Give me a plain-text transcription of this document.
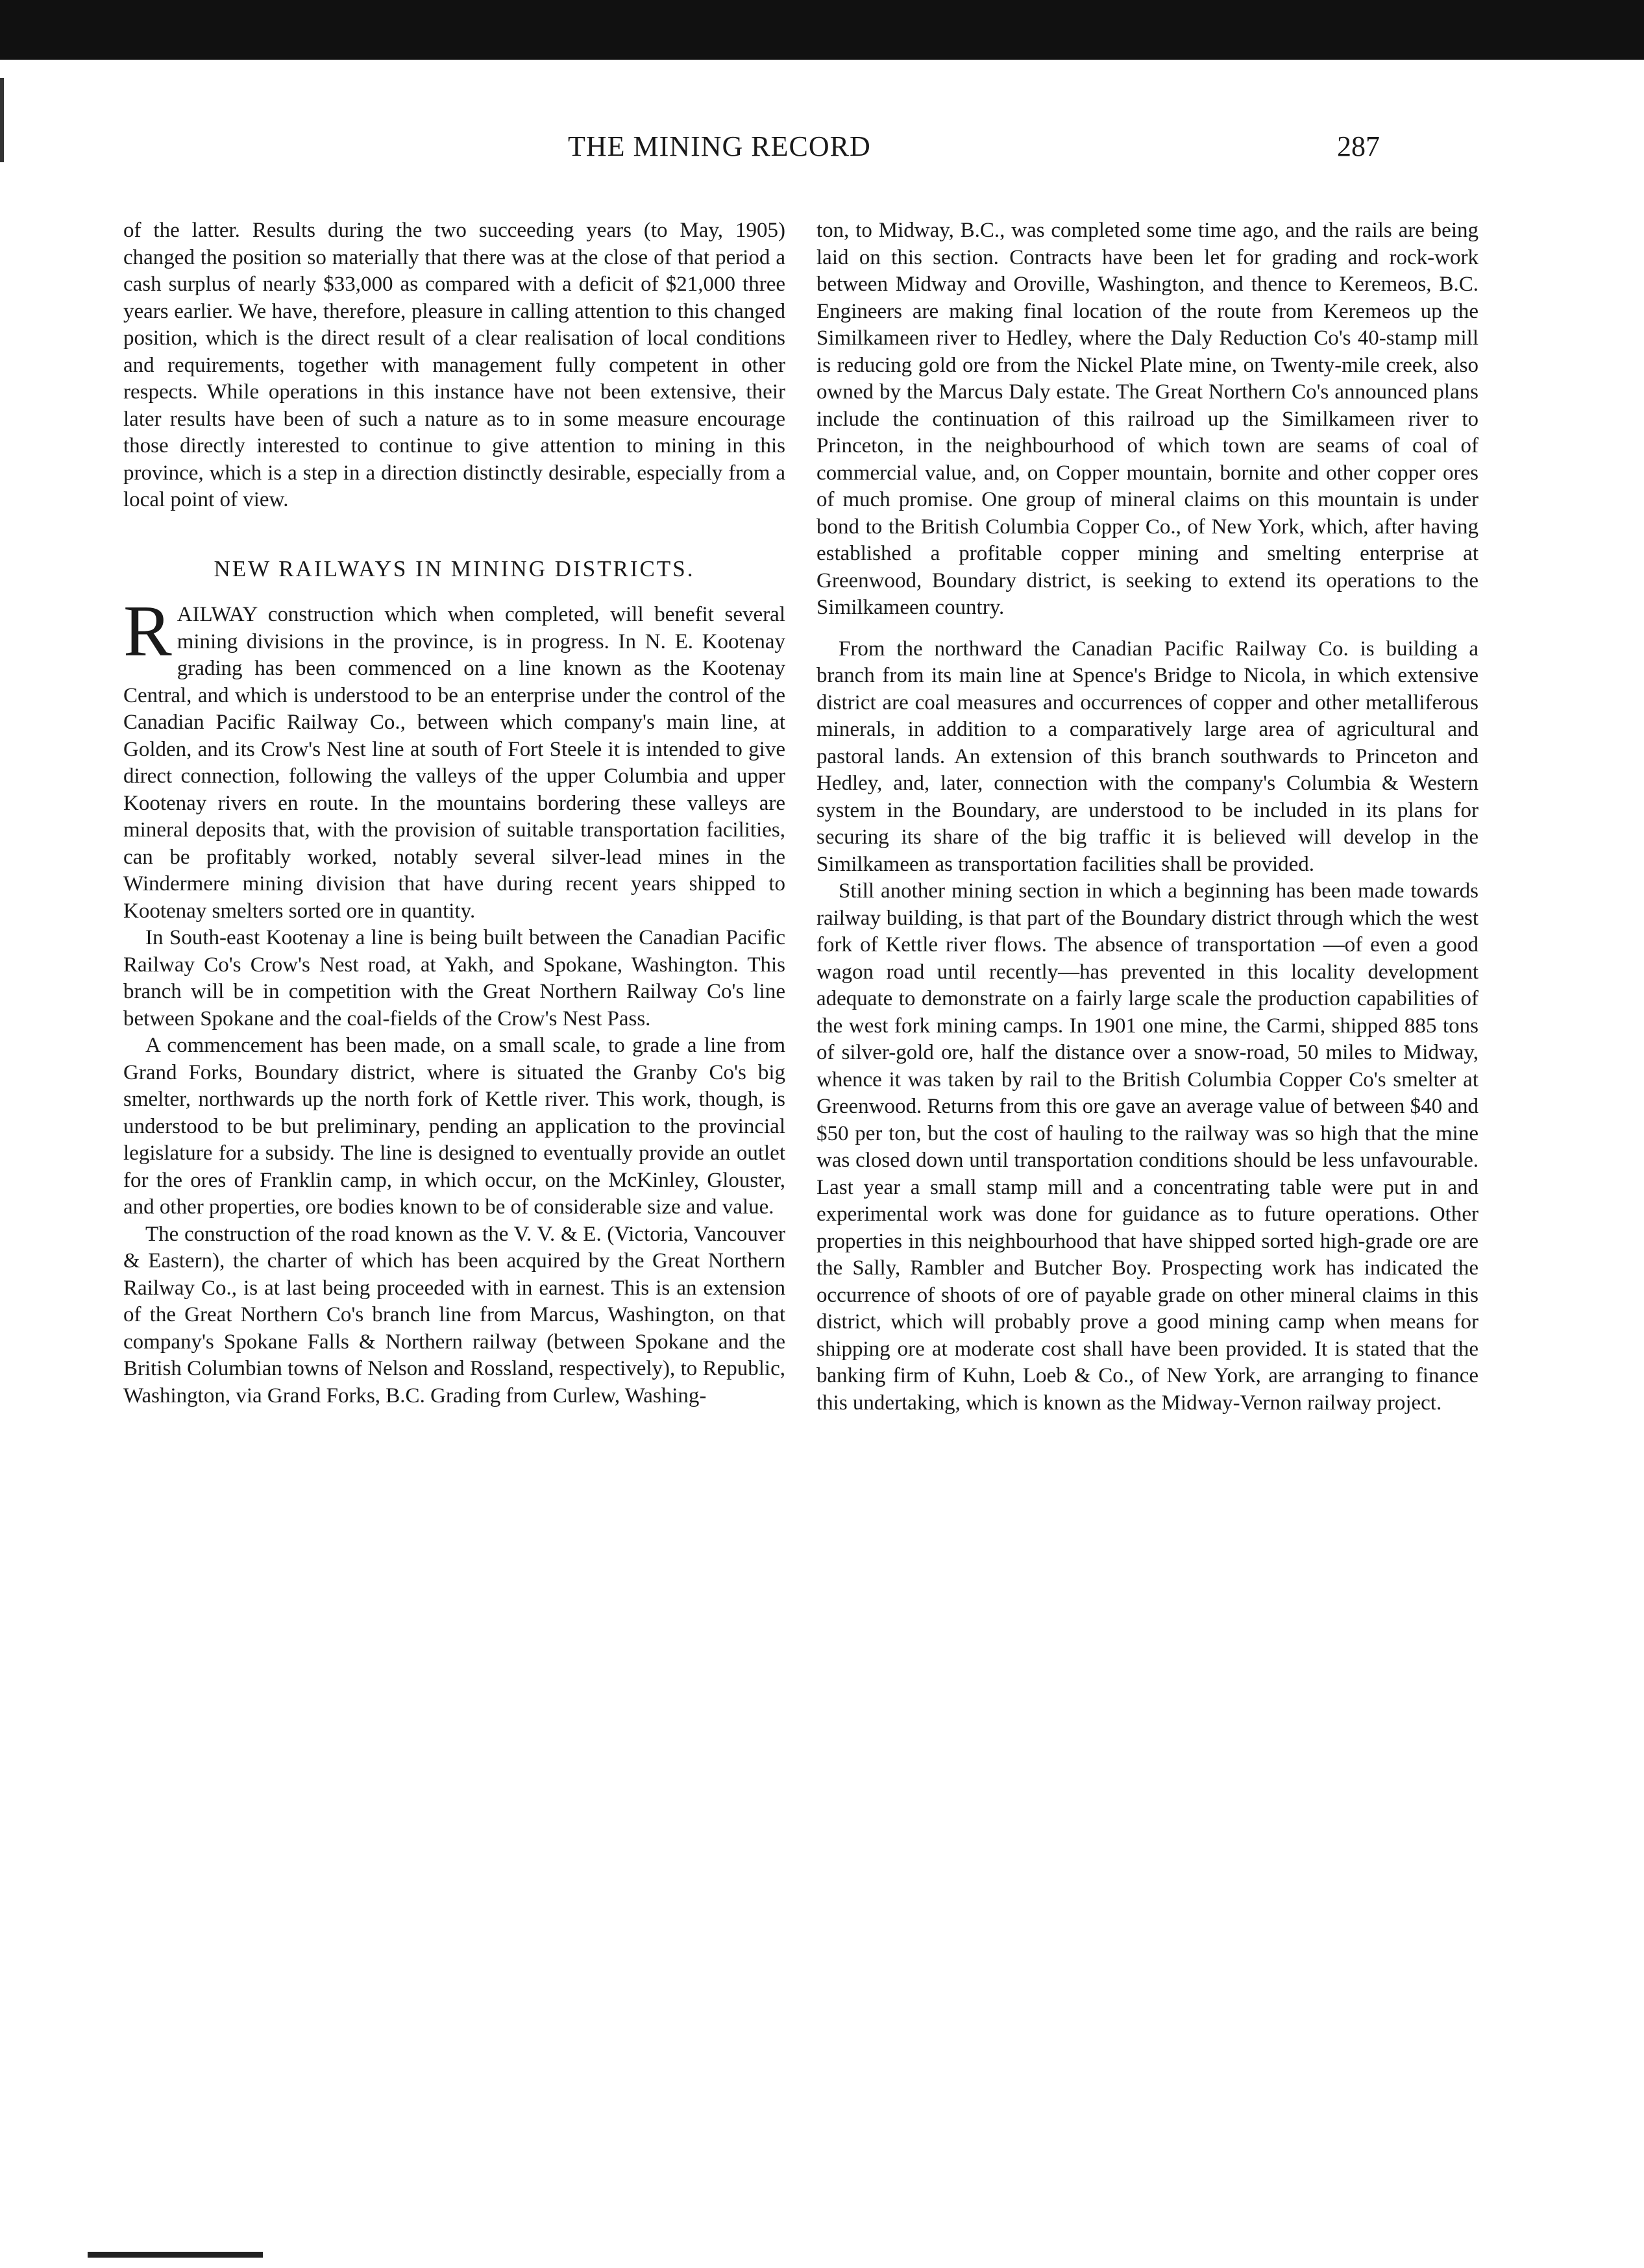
THE MINING RECORD	287

of the latter. Results during the two succeeding years (to May, 1905) changed the position so materially that there was at the close of that period a cash surplus of nearly $33,000 as compared with a deficit of $21,000 three years earlier. We have, therefore, pleasure in calling attention to this changed position, which is the direct result of a clear realisation of local conditions and requirements, together with management fully competent in other respects. While operations in this instance have not been extensive, their later results have been of such a nature as to in some measure encourage those directly interested to continue to give attention to mining in this province, which is a step in a direction distinctly desirable, especially from a local point of view.

NEW RAILWAYS IN MINING DISTRICTS.

RAILWAY construction which when completed, will benefit several mining divisions in the province, is in progress. In N. E. Kootenay grading has been commenced on a line known as the Kootenay Central, and which is understood to be an enterprise under the control of the Canadian Pacific Railway Co., between which company's main line, at Golden, and its Crow's Nest line at south of Fort Steele it is intended to give direct connection, following the valleys of the upper Columbia and upper Kootenay rivers en route. In the mountains bordering these valleys are mineral deposits that, with the provision of suitable transportation facilities, can be profitably worked, notably several silver-lead mines in the Windermere mining division that have during recent years shipped to Kootenay smelters sorted ore in quantity.

In South-east Kootenay a line is being built between the Canadian Pacific Railway Co's Crow's Nest road, at Yakh, and Spokane, Washington. This branch will be in competition with the Great Northern Railway Co's line between Spokane and the coal-fields of the Crow's Nest Pass.

A commencement has been made, on a small scale, to grade a line from Grand Forks, Boundary district, where is situated the Granby Co's big smelter, northwards up the north fork of Kettle river. This work, though, is understood to be but preliminary, pending an application to the provincial legislature for a subsidy. The line is designed to eventually provide an outlet for the ores of Franklin camp, in which occur, on the McKinley, Glouster, and other properties, ore bodies known to be of considerable size and value.

The construction of the road known as the V. V. & E. (Victoria, Vancouver & Eastern), the charter of which has been acquired by the Great Northern Railway Co., is at last being proceeded with in earnest. This is an extension of the Great Northern Co's branch line from Marcus, Washington, on that company's Spokane Falls & Northern railway (between Spokane and the British Columbian towns of Nelson and Rossland, respectively), to Republic, Washington, via Grand Forks, B.C. Grading from Curlew, Washing-

ton, to Midway, B.C., was completed some time ago, and the rails are being laid on this section. Contracts have been let for grading and rock-work between Midway and Oroville, Washington, and thence to Keremeos, B.C. Engineers are making final location of the route from Keremeos up the Similkameen river to Hedley, where the Daly Reduction Co's 40-stamp mill is reducing gold ore from the Nickel Plate mine, on Twenty-mile creek, also owned by the Marcus Daly estate. The Great Northern Co's announced plans include the continuation of this railroad up the Similkameen river to Princeton, in the neighbourhood of which town are seams of coal of commercial value, and, on Copper mountain, bornite and other copper ores of much promise. One group of mineral claims on this mountain is under bond to the British Columbia Copper Co., of New York, which, after having established a profitable copper mining and smelting enterprise at Greenwood, Boundary district, is seeking to extend its operations to the Similkameen country.

From the northward the Canadian Pacific Railway Co. is building a branch from its main line at Spence's Bridge to Nicola, in which extensive district are coal measures and occurrences of copper and other metalliferous minerals, in addition to a comparatively large area of agricultural and pastoral lands. An extension of this branch southwards to Princeton and Hedley, and, later, connection with the company's Columbia & Western system in the Boundary, are understood to be included in its plans for securing its share of the big traffic it is believed will develop in the Similkameen as transportation facilities shall be provided.

Still another mining section in which a beginning has been made towards railway building, is that part of the Boundary district through which the west fork of Kettle river flows. The absence of transportation —of even a good wagon road until recently—has prevented in this locality development adequate to demonstrate on a fairly large scale the production capabilities of the west fork mining camps. In 1901 one mine, the Carmi, shipped 885 tons of silver-gold ore, half the distance over a snow-road, 50 miles to Midway, whence it was taken by rail to the British Columbia Copper Co's smelter at Greenwood. Returns from this ore gave an average value of between $40 and $50 per ton, but the cost of hauling to the railway was so high that the mine was closed down until transportation conditions should be less unfavourable. Last year a small stamp mill and a concentrating table were put in and experimental work was done for guidance as to future operations. Other properties in this neighbourhood that have shipped sorted high-grade ore are the Sally, Rambler and Butcher Boy. Prospecting work has indicated the occurrence of shoots of ore of payable grade on other mineral claims in this district, which will probably prove a good mining camp when means for shipping ore at moderate cost shall have been provided. It is stated that the banking firm of Kuhn, Loeb & Co., of New York, are arranging to finance this undertaking, which is known as the Midway-Vernon railway project.
